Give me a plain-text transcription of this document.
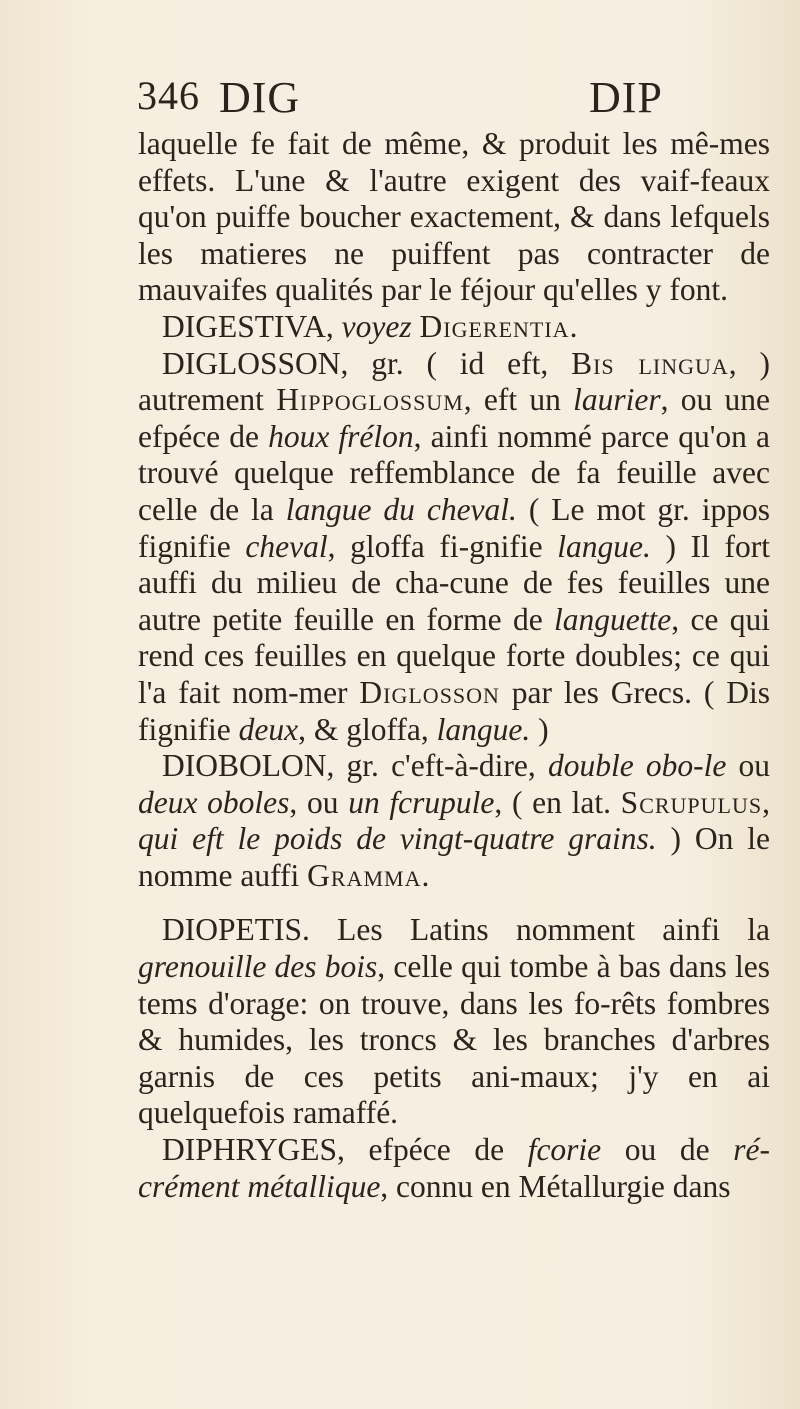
346 DIG	DIP

laquelle fe fait de même, & produit les mê-mes effets. L'une & l'autre exigent des vaif-feaux qu'on puiffe boucher exactement, & dans lefquels les matieres ne puiffent pas contracter de mauvaifes qualités par le féjour qu'elles y font.

DIGESTIVA, voyez Digerentia.

DIGLOSSON, gr. ( id eft, Bis lingua, ) autrement Hippoglossum, eft un laurier, ou une efpéce de houx frélon, ainfi nommé parce qu'on a trouvé quelque reffemblance de fa feuille avec celle de la langue du cheval. ( Le mot gr. ippos fignifie cheval, gloffa fi-gnifie langue. ) Il fort auffi du milieu de cha-cune de fes feuilles une autre petite feuille en forme de languette, ce qui rend ces feuilles en quelque forte doubles; ce qui l'a fait nom-mer Diglosson par les Grecs. ( Dis fignifie deux, & gloffa, langue. )

DIOBOLON, gr. c'eft-à-dire, double obo-le ou deux oboles, ou un fcrupule, ( en lat. Scrupulus, qui eft le poids de vingt-quatre grains. ) On le nomme auffi Gramma.

DIOPETIS. Les Latins nomment ainfi la grenouille des bois, celle qui tombe à bas dans les tems d'orage: on trouve, dans les fo-rêts fombres & humides, les troncs & les branches d'arbres garnis de ces petits ani-maux; j'y en ai quelquefois ramaffé.

DIPHRYGES, efpéce de fcorie ou de ré-crément métallique, connu en Métallurgie dans
